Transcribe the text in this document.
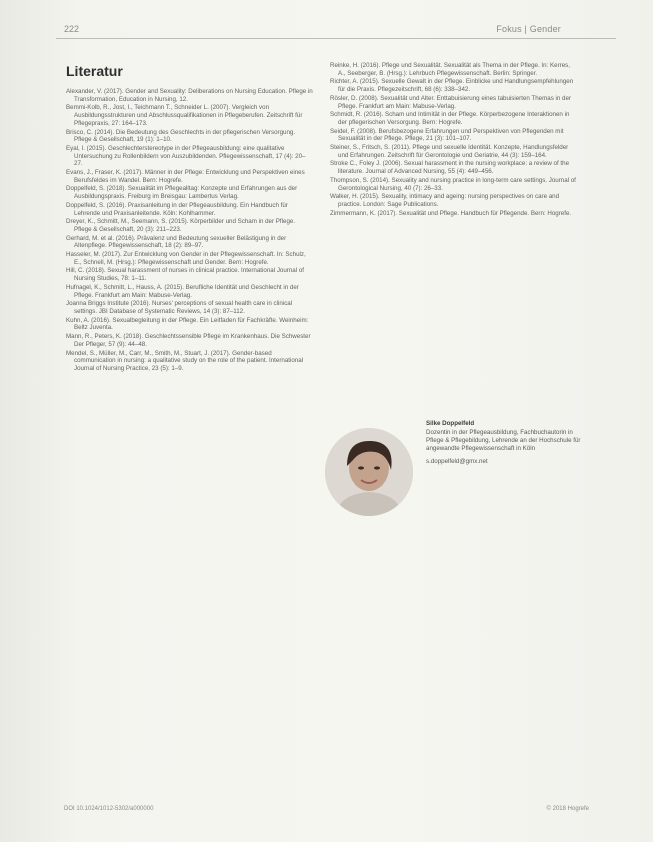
222	Fokus | Gender
Literatur
Alexander, V. (2017). Gender and Sexuality: Deliberations on Nursing Education. Pflege in Transformation, Education in Nursing, 12.
Bemmi-Kolb, R., Jost, I., Teichmann T., Schneider L. (2007). Vergleich von Ausbildungsstrukturen und Abschlussqualifikationen in Pflegeberufen. Zeitschrift für Pflegepraxis, 27: 164–173.
Brisco, C. (2014). Die Bedeutung des Geschlechts in der pflegerischen Versorgung. Pflege & Gesellschaft, 19 (1): 1–10.
Eyal, I. (2015). Geschlechterstereotype in der Pflegeausbildung: eine qualitative Untersuchung zu Rollenbildern von Auszubildenden. Pflegewissenschaft, 17 (4): 20–27.
Evans, J., Fraser, K. (2017). Männer in der Pflege: Entwicklung und Perspektiven eines Berufsfeldes im Wandel. Bern: Hogrefe.
Doppelfeld, S. (2018). Sexualität im Pflegealltag: Konzepte und Erfahrungen aus der Ausbildungspraxis. Freiburg im Breisgau: Lambertus Verlag.
Doppelfeld, S. (2016). Praxisanleitung in der Pflegeausbildung. Ein Handbuch für Lehrende und Praxisanleitende. Köln: Kohlhammer.
Dreyer, K., Schmitt, M., Seemann, S. (2015). Körperbilder und Scham in der Pflege. Pflege & Gesellschaft, 20 (3): 211–223.
Gerhard, M. et al. (2016). Prävalenz und Bedeutung sexueller Belästigung in der Altenpflege. Pflegewissenschaft, 18 (2): 89–97.
Hasseler, M. (2017). Zur Entwicklung von Gender in der Pflegewissenschaft. In: Schulz, E., Schnell, M. (Hrsg.): Pflegewissenschaft und Gender. Bern: Hogrefe.
Hill, C. (2018). Sexual harassment of nurses in clinical practice. International Journal of Nursing Studies, 78: 1–11.
Hufnagel, K., Schmitt, L., Hauss, A. (2015). Berufliche Identität und Geschlecht in der Pflege. Frankfurt am Main: Mabuse-Verlag.
Joanna Briggs Institute (2016). Nurses' perceptions of sexual health care in clinical settings. JBI Database of Systematic Reviews, 14 (3): 87–112.
Kuhn, A. (2016). Sexualbegleitung in der Pflege. Ein Leitfaden für Fachkräfte. Weinheim: Beltz Juventa.
Mann, R., Peters, K. (2018). Geschlechtssensible Pflege im Krankenhaus. Die Schwester Der Pfleger, 57 (9): 44–48.
Mendel, S., Müller, M., Carr, M., Smith, M., Stuart, J. (2017). Gender-based communication in nursing: a qualitative study on the role of the patient. International Journal of Nursing Practice, 23 (5): 1–9.
Reinke, H. (2016). Pflege und Sexualität. Sexualität als Thema in der Pflege. In: Kerres, A., Seeberger, B. (Hrsg.): Lehrbuch Pflegewissenschaft. Berlin: Springer.
Richter, A. (2015). Sexuelle Gewalt in der Pflege. Einblicke und Handlungsempfehlungen für die Praxis. Pflegezeitschrift, 68 (6): 338–342.
Rösler, D. (2008). Sexualität und Alter. Enttabuisierung eines tabuisierten Themas in der Pflege. Frankfurt am Main: Mabuse-Verlag.
Schmidt, R. (2016). Scham und Intimität in der Pflege. Körperbezogene Interaktionen in der pflegerischen Versorgung. Bern: Hogrefe.
Seidel, F. (2008). Berufsbezogene Erfahrungen und Perspektiven von Pflegenden mit Sexualität in der Pflege. Pflege, 21 (3): 101–107.
Steiner, S., Fritsch, S. (2011). Pflege und sexuelle Identität. Konzepte, Handlungsfelder und Erfahrungen. Zeitschrift für Gerontologie und Geriatrie, 44 (3): 159–164.
Stroke C., Foley J. (2006). Sexual harassment in the nursing workplace: a review of the literature. Journal of Advanced Nursing, 55 (4): 449–456.
Thompson, S. (2014). Sexuality and nursing practice in long-term care settings. Journal of Gerontological Nursing, 40 (7): 26–33.
Walker, H. (2015). Sexuality, intimacy and ageing: nursing perspectives on care and practice. London: Sage Publications.
Zimmermann, K. (2017). Sexualität und Pflege. Handbuch für Pflegende. Bern: Hogrefe.
Silke Doppelfeld
Dozentin in der Pflegeausbildung, Fachbuchautorin in Pflege & Pflegebildung, Lehrende an der Hochschule für angewandte Pflegewissenschaft in Köln
s.doppelfeld@gmx.net
DOI 10.1024/1012-5302/a000000	© 2018 Hogrefe
